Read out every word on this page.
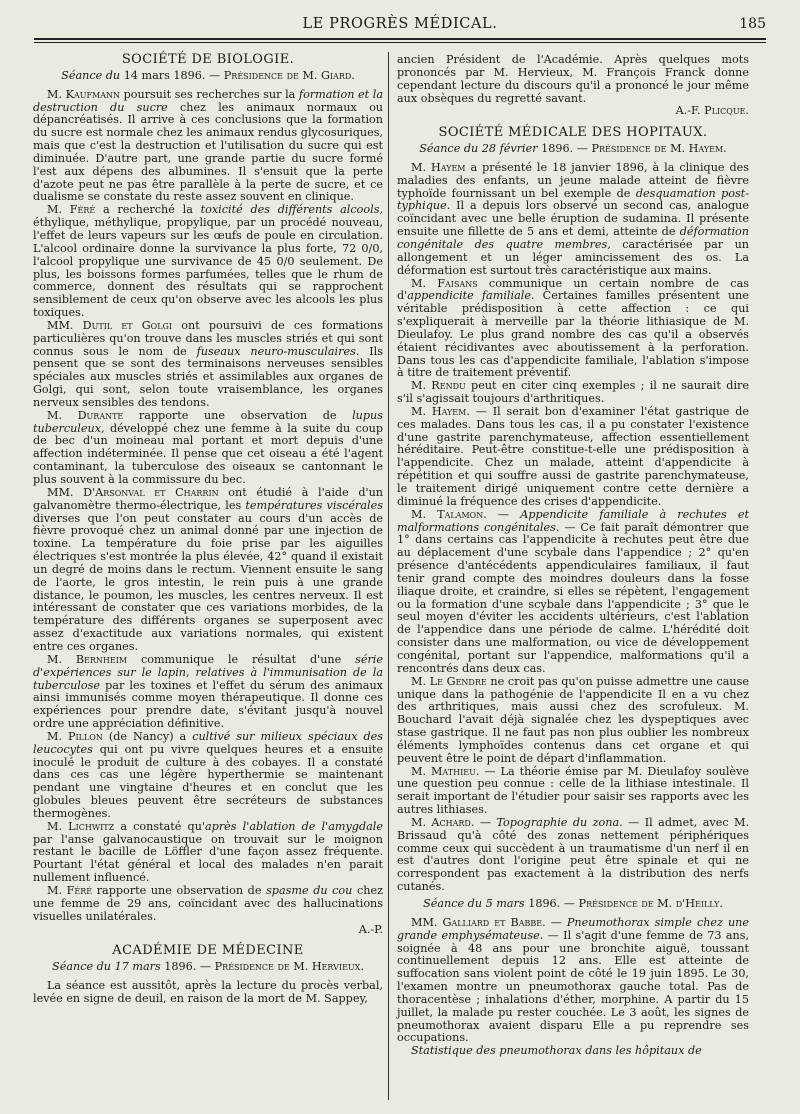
LE PROGRÈS MÉDICAL.	185
SOCIÉTÉ DE BIOLOGIE.
Séance du 14 mars 1896. — Présidence de M. Giard.

M. Kaufmann poursuit ses recherches sur la formation et la destruction du sucre chez les animaux normaux ou dépancréatisés. Il arrive à ces conclusions que la formation du sucre est normale chez les animaux rendus glycosuriques, mais que c'est la destruction et l'utilisation du sucre qui est diminuée. D'autre part, une grande partie du sucre formé l'est aux dépens des albumines. Il s'ensuit que la perte d'azote peut ne pas être parallèle à la perte de sucre, et ce dualisme se constate du reste assez souvent en clinique.

M. Féré a recherché la toxicité des différents alcools, éthylique, méthylique, propylique, par un procédé nouveau, l'effet de leurs vapeurs sur les œufs de poule en circulation. L'alcool ordinaire donne la survivance la plus forte, 72 0/0, l'alcool propylique une survivance de 45 0/0 seulement. De plus, les boissons formes parfumées, telles que le rhum de commerce, donnent des résultats qui se rapprochent sensiblement de ceux qu'on observe avec les alcools les plus toxiques.

MM. Dutil et Golgi ont poursuivi de ces formations particulières qu'on trouve dans les muscles striés et qui sont connus sous le nom de fuseaux neuro-musculaires. Ils pensent que se sont des terminaisons nerveuses sensibles spéciales aux muscles striés et assimilables aux organes de Golgi, qui sont, selon toute vraisemblance, les organes nerveux sensibles des tendons.

M. Durante rapporte une observation de lupus tuberculeux, développé chez une femme à la suite du coup de bec d'un moineau mal portant et mort depuis d'une affection indéterminée. Il pense que cet oiseau a été l'agent contaminant, la tuberculose des oiseaux se cantonnant le plus souvent à la commissure du bec.

MM. D'Arsonval et Charrin ont étudié à l'aide d'un galvanomètre thermo-électrique, les températures viscérales diverses que l'on peut constater au cours d'un accès de fièvre provoqué chez un animal donné par une injection de toxine. La température du foie prise par les aiguilles électriques s'est montrée la plus élevée, 42° quand il existait un degré de moins dans le rectum. Viennent ensuite le sang de l'aorte, le gros intestin, le rein puis à une grande distance, le poumon, les muscles, les centres nerveux. Il est intéressant de constater que ces variations morbides, de la température des différents organes se superposent avec assez d'exactitude aux variations normales, qui existent entre ces organes.

M. Bernheim communique le résultat d'une série d'expériences sur le lapin, relatives à l'immunisation de la tuberculose par les toxines et l'effet du sérum des animaux ainsi immunisés comme moyen thérapeutique. Il donne ces expériences pour prendre date, s'évitant jusqu'à nouvel ordre une appréciation définitive.

M. Pillon (de Nancy) a cultivé sur milieux spéciaux des leucocytes qui ont pu vivre quelques heures et a ensuite inoculé le produit de culture à des cobayes. Il a constaté dans ces cas une légère hyperthermie se maintenant pendant une vingtaine d'heures et en conclut que les globules bleues peuvent être secréteurs de substances thermogènes.

M. Lichwitz a constaté qu'après l'ablation de l'amygdale par l'anse galvanocaustique on trouvait sur le moignon restant le bacille de Löffler d'une façon assez fréquente. Pourtant l'état général et local des malades n'en parait nullement influencé.

M. Féré rapporte une observation de spasme du cou chez une femme de 29 ans, coïncidant avec des hallucinations visuelles unilatérales.

A.-P.
ACADÉMIE DE MÉDECINE
Séance du 17 mars 1896. — Présidence de M. Hervieux.

La séance est aussitôt, après la lecture du procès verbal, levée en signe de deuil, en raison de la mort de M. Sappey,

ancien Président de l'Académie. Après quelques mots prononcés par M. Hervieux, M. François Franck donne cependant lecture du discours qu'il a prononcé le jour même aux obsèques du regretté savant.

A.-F. Plicque.
SOCIÉTÉ MÉDICALE DES HOPITAUX.
Séance du 28 février 1896. — Présidence de M. Hayem.

M. Hayem a présenté le 18 janvier 1896, à la clinique des maladies des enfants, un jeune malade atteint de fièvre typhoïde fournissant un bel exemple de desquamation post-typhique. Il a depuis lors observé un second cas, analogue coïncidant avec une belle éruption de sudamina. Il présente ensuite une fillette de 5 ans et demi, atteinte de déformation congénitale des quatre membres, caractérisée par un allongement et un léger amincissement des os. La déformation est surtout très caractéristique aux mains.

M. Faisans communique un certain nombre de cas d'appendicite familiale. Certaines familles présentent une véritable prédisposition à cette affection : ce qui s'expliquerait à merveille par la théorie lithiasique de M. Dieulafoy. Le plus grand nombre des cas qu'il a observés étaient récidivantes avec aboutissement à la perforation. Dans tous les cas d'appendicite familiale, l'ablation s'impose à titre de traitement préventif.

M. Rendu peut en citer cinq exemples ; il ne saurait dire s'il s'agissait toujours d'arthritiques.

M. Hayem. — Il serait bon d'examiner l'état gastrique de ces malades. Dans tous les cas, il a pu constater l'existence d'une gastrite parenchymateuse, affection essentiellement héréditaire. Peut-être constitue-t-elle une prédisposition à l'appendicite. Chez un malade, atteint d'appendicite à répétition et qui souffre aussi de gastrite parenchymateuse, le traitement dirigé uniquement contre cette dernière a diminué la fréquence des crises d'appendicite.

M. Talamon. — Appendicite familiale à rechutes et malformations congénitales. — Ce fait paraît démontrer que 1° dans certains cas l'appendicite à rechutes peut être due au déplacement d'une scybale dans l'appendice ; 2° qu'en présence d'antécédents appendiculaires familiaux, il faut tenir grand compte des moindres douleurs dans la fosse iliaque droite, et craindre, si elles se répètent, l'engagement ou la formation d'une scybale dans l'appendicite ; 3° que le seul moyen d'éviter les accidents ultérieurs, c'est l'ablation de l'appendice dans une période de calme. L'hérédité doit consister dans une malformation, ou vice de développement congénital, portant sur l'appendice, malformations qu'il a rencontrés dans deux cas.

M. Le Gendre ne croit pas qu'on puisse admettre une cause unique dans la pathogénie de l'appendicite Il en a vu chez des arthritiques, mais aussi chez des scrofuleux. M. Bouchard l'avait déjà signalée chez les dyspeptiques avec stase gastrique. Il ne faut pas non plus oublier les nombreux éléments lymphoïdes contenus dans cet organe et qui peuvent être le point de départ d'inflammation.

M. Mathieu. — La théorie émise par M. Dieulafoy soulève une question peu connue : celle de la lithiase intestinale. Il serait important de l'étudier pour saisir ses rapports avec les autres lithiases.

M. Achard. — Topographie du zona. — Il admet, avec M. Brissaud qu'à côté des zonas nettement périphériques comme ceux qui succèdent à un traumatisme d'un nerf il en est d'autres dont l'origine peut être spinale et qui ne correspondent pas exactement à la distribution des nerfs cutanés.

Séance du 5 mars 1896. — Présidence de M. d'Heilly.

MM. Galliard et Babbe. — Pneumothorax simple chez une grande emphysémateuse. — Il s'agit d'une femme de 73 ans, soignée à 48 ans pour une bronchite aiguë, toussant continuellement depuis 12 ans. Elle est atteinte de suffocation sans violent point de côté le 19 juin 1895. Le 30, l'examen montre un pneumothorax gauche total. Pas de thoracentèse ; inhalations d'éther, morphine. A partir du 15 juillet, la malade pu rester couchée. Le 3 août, les signes de pneumothorax avaient disparu Elle a pu reprendre ses occupations.

Statistique des pneumothorax dans les hôpitaux de
